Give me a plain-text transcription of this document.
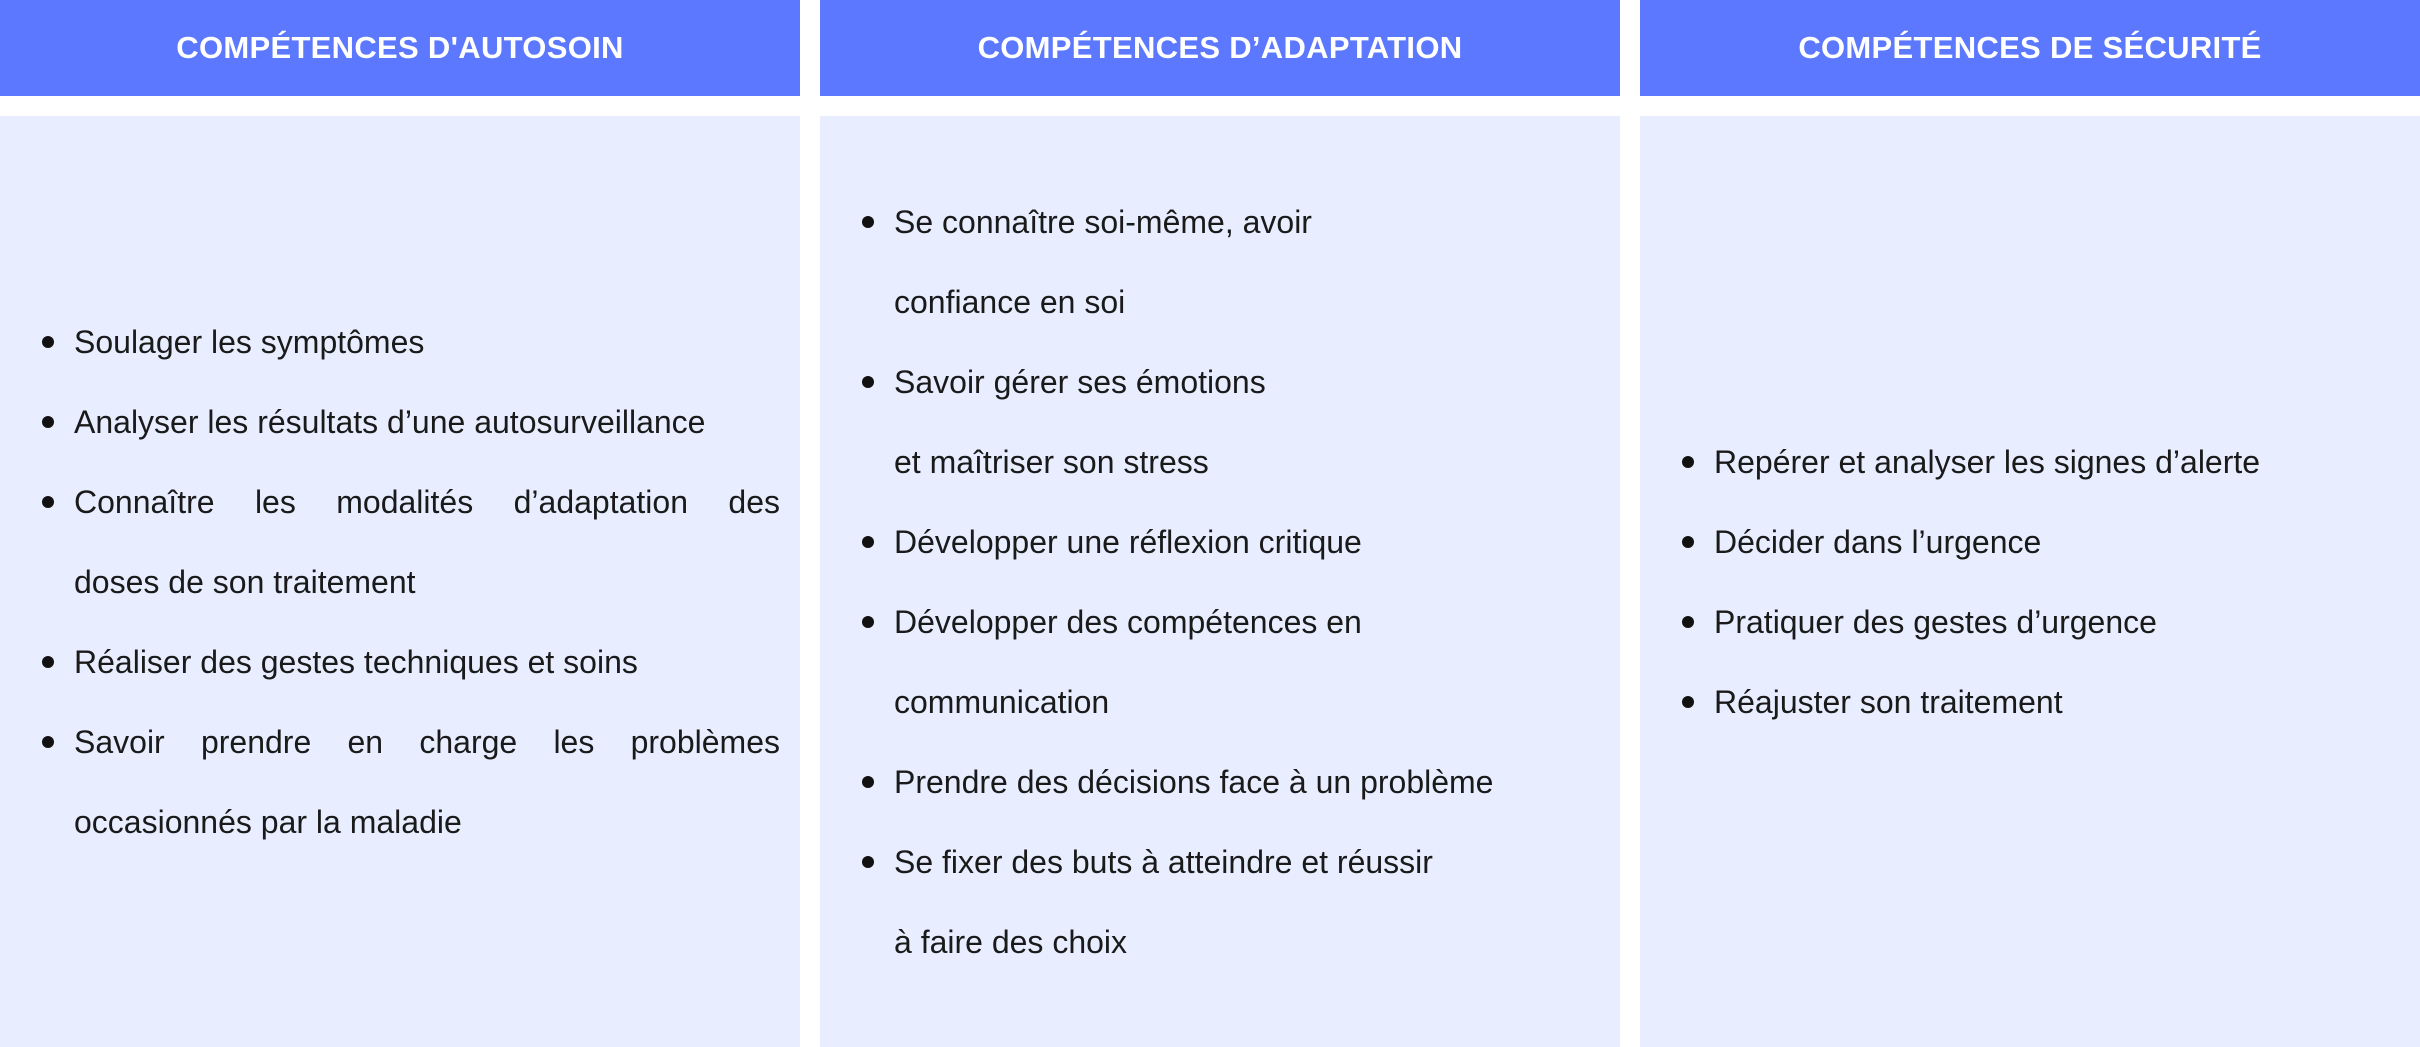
COMPÉTENCES D'AUTOSOIN
Soulager les symptômes
Analyser les résultats d’une autosurveillance
Connaître les modalités d’adaptation des
doses de son traitement
Réaliser des gestes techniques et soins
Savoir prendre en charge les problèmes
occasionnés par la maladie
COMPÉTENCES D’ADAPTATION
Se connaître soi-même, avoir
confiance en soi
Savoir gérer ses émotions
et maîtriser son stress
Développer une réflexion critique
Développer des compétences en
communication
Prendre des décisions face à un problème
Se fixer des buts à atteindre et réussir
à faire des choix
COMPÉTENCES DE SÉCURITÉ
Repérer et analyser les signes d’alerte
Décider dans l’urgence
Pratiquer des gestes d’urgence
Réajuster son traitement
